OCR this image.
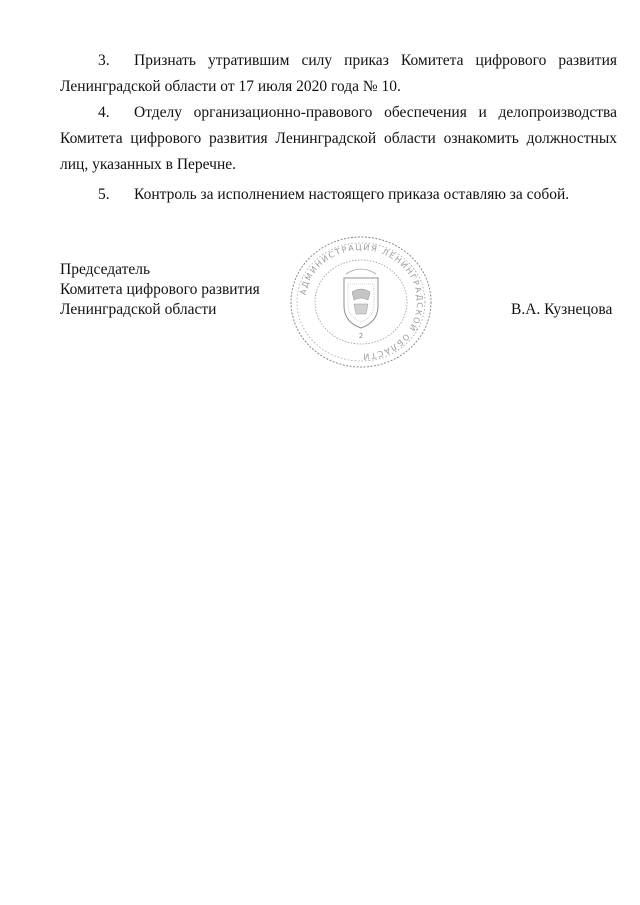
3. Признать утратившим силу приказ Комитета цифрового развития
Ленинградской области от 17 июля 2020 года № 10.
4. Отделу организационно-правового обеспечения и делопроизводства
Комитета цифрового развития Ленинградской области ознакомить должностных
лиц, указанных в Перечне.
5. Контроль за исполнением настоящего приказа оставляю за собой.
Председатель
Комитета цифрового развития
Ленинградской области	В.А. Кузнецова
АДМИНИСТРАЦИЯ ЛЕНИНГРАДСКОЙ ОБЛАСТИ
2
